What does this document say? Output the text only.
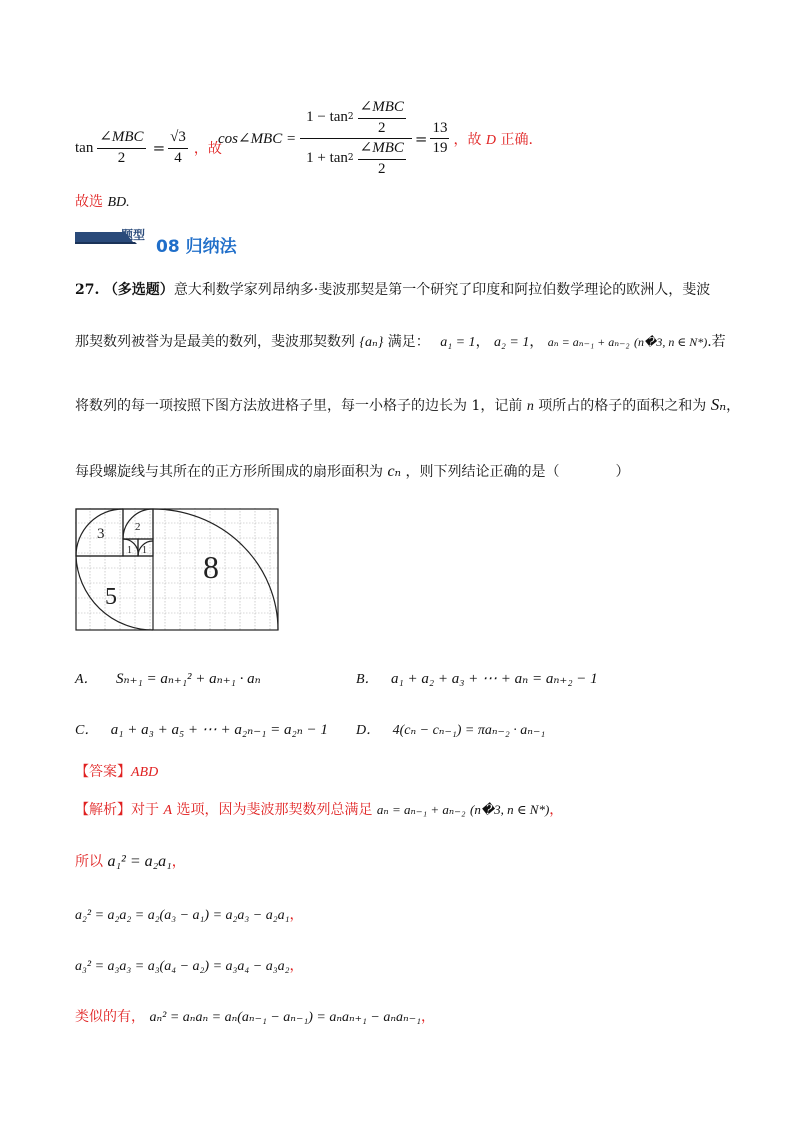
$\tan \frac{\text{∠MBC}}{2} = \frac{√3}{4}$ ，故
cos∠MBC = $\frac{1 - \tan 2 \frac{\text{∠MBC}}{2}}{1 + \tan 2 \frac{\text{∠MBC}}{2}} = \frac{13}{19}$ ，故 D 正确.
故选 BD.
题型
08 归纳法
27. （多选题）意大利数学家列昂纳多·斐波那契是第一个研究了印度和阿拉伯数学理论的欧洲人，斐波
那契数列被誉为是最美的数列，斐波那契数列 {aₙ} 满足： a₁ = 1， a₂ = 1， aₙ = aₙ₋₁ + aₙ₋₂ (n�3, n ∈ N*).若
将数列的每一项按照下图方法放进格子里，每一小格子的边长为 1，记前 n 项所占的格子的面积之和为 Sₙ，
每段螺旋线与其所在的正方形所围成的扇形面积为 cₙ ，则下列结论正确的是（　　　　）
3	2
1 1 8
5
A． Sₙ₊₁ = aₙ₊₁² + aₙ₊₁ · aₙ	B． a₁ + a₂ + a₃ + ⋯ + aₙ = aₙ₊₂ − 1
C． a₁ + a₃ + a₅ + ⋯ + a₂ₙ₋₁ = a₂ₙ − 1 D． 4(cₙ − cₙ₋₁) = πaₙ₋₂ · aₙ₋₁
【答案】ABD
【解析】对于 A 选项，因为斐波那契数列总满足 aₙ = aₙ₋₁ + aₙ₋₂ (n�3, n ∈ N*)，
所以 a₁² = a₂a₁，
a₂² = a₂a₂ = a₂(a₃ − a₁) = a₂a₃ − a₂a₁，
a₃² = a₃a₃ = a₃(a₄ − a₂) = a₃a₄ − a₃a₂，
类似的有， aₙ² = aₙaₙ = aₙ(aₙ₋₁ − aₙ₋₁) = aₙaₙ₊₁ − aₙaₙ₋₁，
